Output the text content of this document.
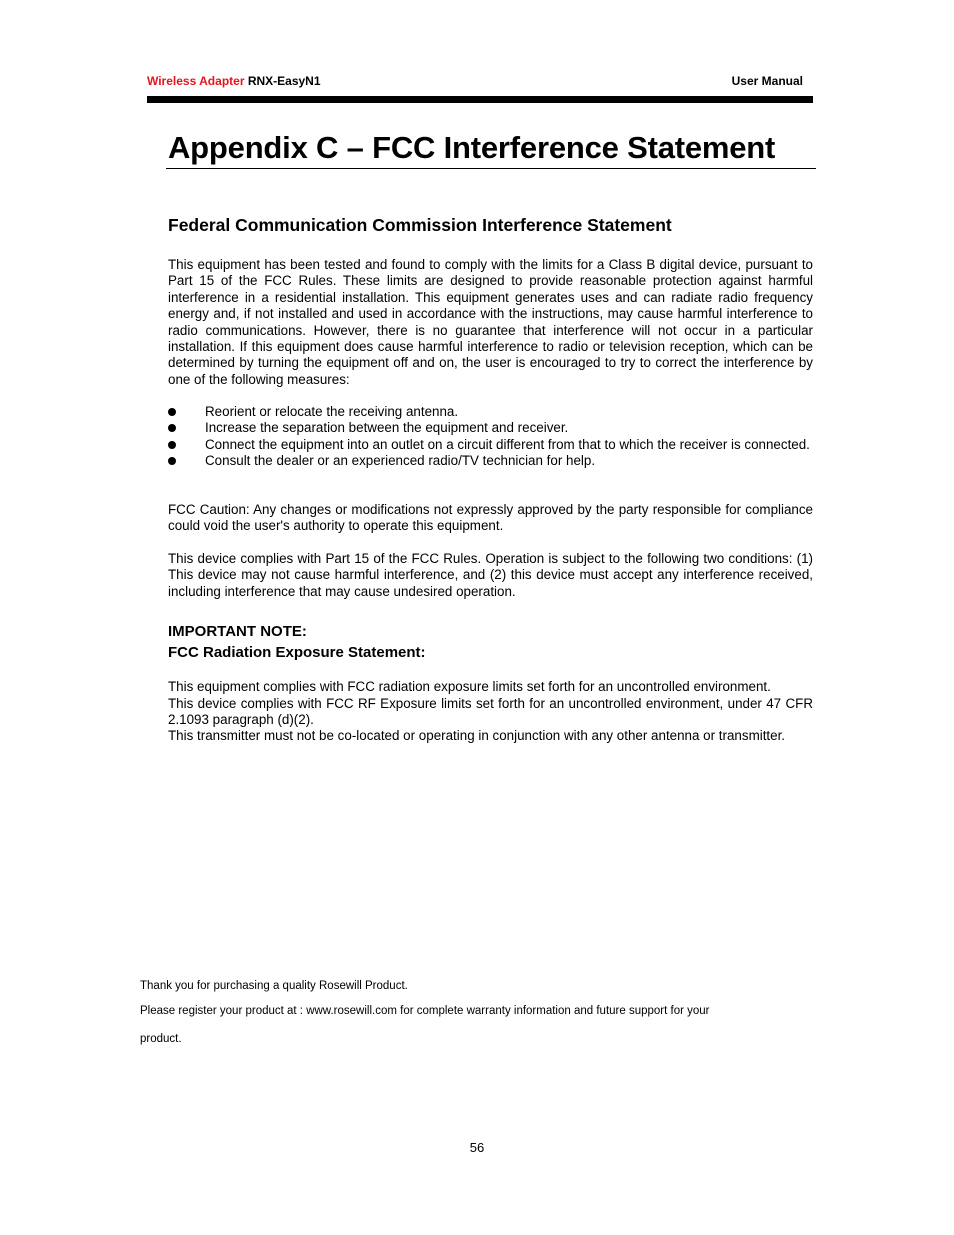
Wireless Adapter RNX-EasyN1	User Manual
Appendix C – FCC Interference Statement
Federal Communication Commission Interference Statement

This equipment has been tested and found to comply with the limits for a Class B digital device, pursuant to Part 15 of the FCC Rules. These limits are designed to provide reasonable protection against harmful interference in a residential installation. This equipment generates uses and can radiate radio frequency energy and, if not installed and used in accordance with the instructions, may cause harmful interference to radio communications. However, there is no guarantee that interference will not occur in a particular installation. If this equipment does cause harmful interference to radio or television reception, which can be determined by turning the equipment off and on, the user is encouraged to try to correct the interference by one of the following measures:

Reorient or relocate the receiving antenna.
Increase the separation between the equipment and receiver.
Connect the equipment into an outlet on a circuit different from that to which the receiver is connected.
Consult the dealer or an experienced radio/TV technician for help.

FCC Caution: Any changes or modifications not expressly approved by the party responsible for compliance could void the user's authority to operate this equipment.

This device complies with Part 15 of the FCC Rules. Operation is subject to the following two conditions: (1) This device may not cause harmful interference, and (2) this device must accept any interference received, including interference that may cause undesired operation.

IMPORTANT NOTE:

FCC Radiation Exposure Statement:

This equipment complies with FCC radiation exposure limits set forth for an uncontrolled environment.

This device complies with FCC RF Exposure limits set forth for an uncontrolled environment, under 47 CFR 2.1093 paragraph (d)(2).

This transmitter must not be co-located or operating in conjunction with any other antenna or transmitter.

Thank you for purchasing a quality Rosewill Product.

Please register your product at : www.rosewill.com for complete warranty information and future support for your

product.

56
